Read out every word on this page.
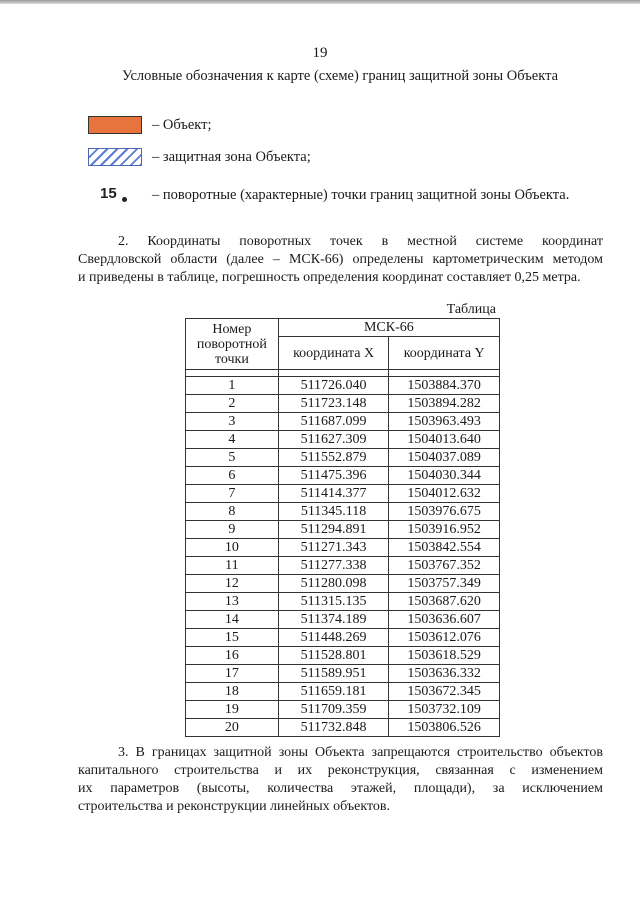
19
Условные обозначения к карте (схеме) границ защитной зоны Объекта
– Объект;
– защитная зона Объекта;
15 – поворотные (характерные) точки границ защитной зоны Объекта.
2. Координаты поворотных точек в местной системе координат
Свердловской области (далее – МСК-66) определены картометрическим методом
и приведены в таблице, погрешность определения координат составляет 0,25 метра.
Таблица
Номер поворотной точки	МСК-66	
	координата X	координата Y

1	511726.040	1503884.370
2	511723.148	1503894.282
3	511687.099	1503963.493
4	511627.309	1504013.640
5	511552.879	1504037.089
6	511475.396	1504030.344
7	511414.377	1504012.632
8	511345.118	1503976.675
9	511294.891	1503916.952
10	511271.343	1503842.554
11	511277.338	1503767.352
12	511280.098	1503757.349
13	511315.135	1503687.620
14	511374.189	1503636.607
15	511448.269	1503612.076
16	511528.801	1503618.529
17	511589.951	1503636.332
18	511659.181	1503672.345
19	511709.359	1503732.109
20	511732.848	1503806.526
3. В границах защитной зоны Объекта запрещаются строительство объектов
капитального строительства и их реконструкция, связанная с изменением
их параметров (высоты, количества этажей, площади), за исключением
строительства и реконструкции линейных объектов.
